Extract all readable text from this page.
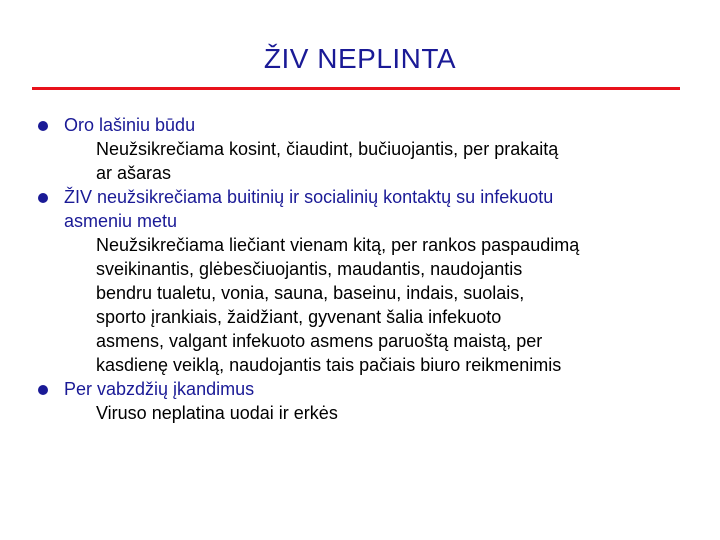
ŽIV NEPLINTA
Oro lašiniu būdu
Neužsikrečiama kosint, čiaudint, bučiuojantis, per prakaitą
ar ašaras
ŽIV neužsikrečiama buitinių ir socialinių kontaktų su infekuotu
asmeniu metu
Neužsikrečiama liečiant vienam kitą, per rankos paspaudimą
sveikinantis, glėbesčiuojantis, maudantis, naudojantis
bendru tualetu, vonia, sauna, baseinu, indais, suolais,
sporto įrankiais, žaidžiant, gyvenant šalia infekuoto
asmens, valgant infekuoto asmens paruoštą maistą, per
kasdienę veiklą, naudojantis tais pačiais biuro reikmenimis
Per vabzdžių įkandimus
Viruso neplatina uodai ir erkės
